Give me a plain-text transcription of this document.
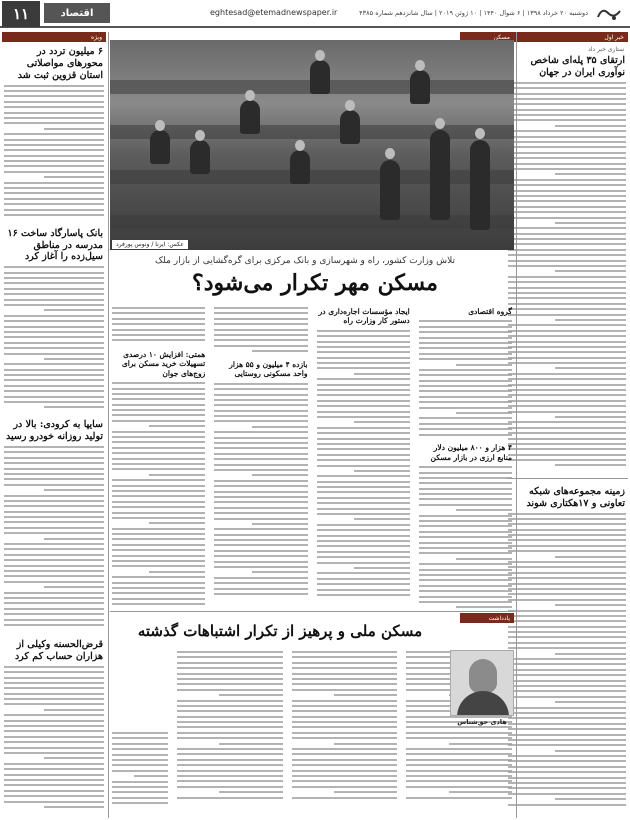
۱۱	اقتصاد	eghtesad@etemadnewspaper.ir	دوشنبه ۲۰ خرداد ۱۳۹۸ | ۶ شوال ۱۴۴۰ | ۱۰ ژوئن ۲۰۱۹ | سال شانزدهم شماره ۴۳۸۵
خبر اول
ستاری خبر داد
ارتقای ۳۵ پله‌ای شاخص نوآوری ایران در جهان
زمینه مجموعه‌های شبکه تعاونی و ۱۷هکتاری شوند
ویژه
۶ میلیون تردد در محورهای مواصلاتی استان قزوین ثبت شد
بانک پاسارگاد ساخت ۱۶ مدرسه در مناطق سیل‌زده را آغاز کرد
سایپا به کرودی: بالا در تولید روزانه خودرو رسید
قرض‌الحسنه وکیلی از هزاران حساب کم کرد
مسکن
عکس: ایرنا / ونوس‌ پورفرد
تلاش وزارت کشور، راه و شهرسازی و بانک مرکزی برای گره‌گشایی از بازار ملک
مسکن مهر تکرار می‌شود؟
گروه اقتصادی
۴ هزار و ۸۰۰ میلیون دلار منابع ارزی در بازار مسکن
ایجاد مؤسسات اجاره‌داری در دستور کار وزارت راه
بازده ۴ میلیون و ۵۵ هزار واحد مسکونی روستایی
همتی: افزایش ۱۰ درصدی تسهیلات خرید مسکن برای زوج‌های جوان
یادداشت
مسکن ملی و پرهیز از تکرار اشتباهات گذشته
هادی حق‌شناس
